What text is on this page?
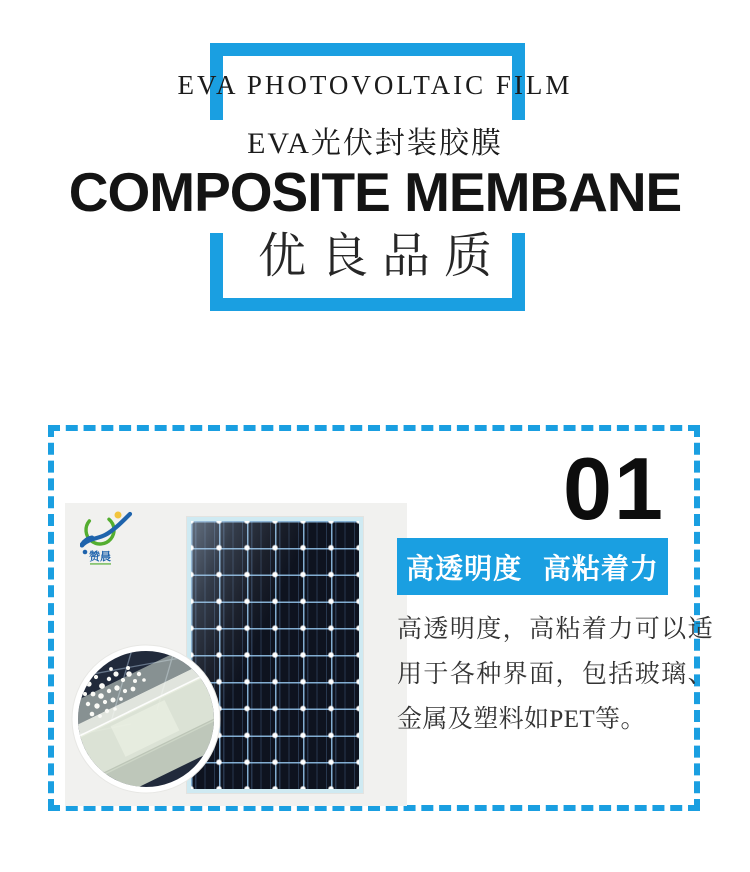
EVA PHOTOVOLTAIC FILM
EVA光伏封装胶膜
COMPOSITE MEMBANE
优良品质
赞晨
01
高透明度 高粘着力
高透明度，高粘着力可以适用于各种界面，包括玻璃、金属及塑料如PET等。
